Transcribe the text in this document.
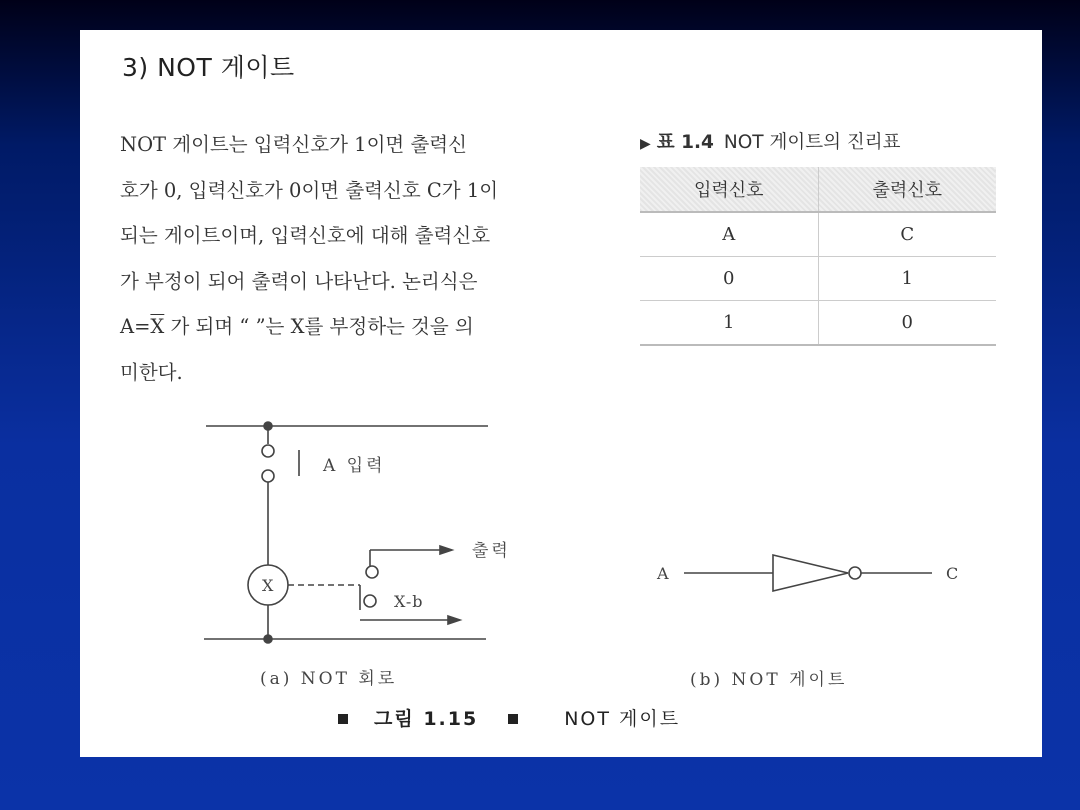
3) NOT 게이트
NOT 게이트는 입력신호가 1이면 출력신
호가 0, 입력신호가 0이면 출력신호 C가 1이
되는 게이트이며, 입력신호에 대해 출력신호
가 부정이 되어 출력이 나타난다. 논리식은
$A=\overline{X}$ 가 되며 “ ”는 X를 부정하는 것을 의
미한다.
▶ 표 1.4 NOT 게이트의 진리표
입력신호	출력신호
A	C
0	1
1	0
A 입력
X
출력
X-b
A	C
(a) NOT 회로	(b) NOT 게이트
그림 1.15	NOT 게이트
